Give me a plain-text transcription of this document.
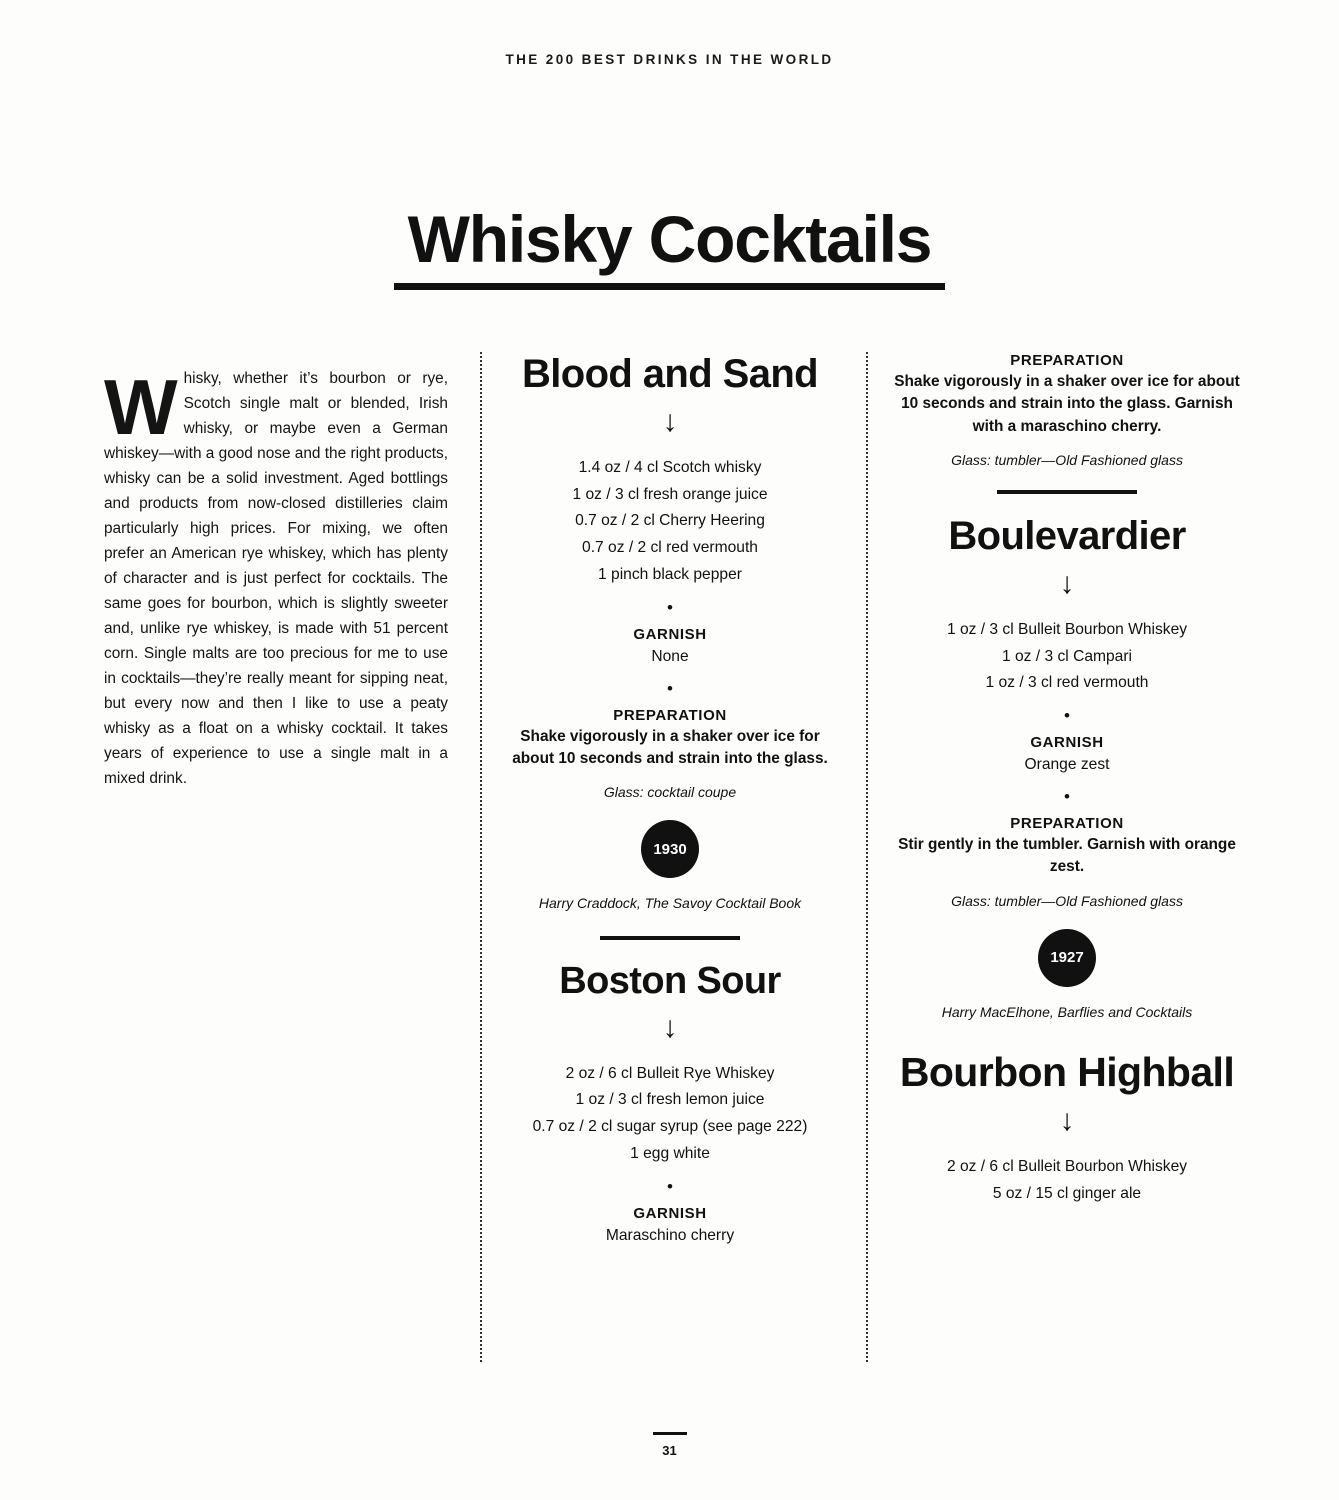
THE 200 BEST DRINKS IN THE WORLD
Whisky Cocktails

Whisky, whether it’s bourbon or rye, Scotch single malt or blended, Irish whisky, or maybe even a German whiskey—with a good nose and the right products, whisky can be a solid investment. Aged bottlings and products from now-closed distilleries claim particularly high prices. For mixing, we often prefer an American rye whiskey, which has plenty of character and is just perfect for cocktails. The same goes for bourbon, which is slightly sweeter and, unlike rye whiskey, is made with 51 percent corn. Single malts are too precious for me to use in cocktails—they’re really meant for sipping neat, but every now and then I like to use a peaty whisky as a float on a whisky cocktail. It takes years of experience to use a single malt in a mixed drink.

Blood and Sand
↓
1.4 oz / 4 cl Scotch whisky
1 oz / 3 cl fresh orange juice
0.7 oz / 2 cl Cherry Heering
0.7 oz / 2 cl red vermouth
1 pinch black pepper
•
GARNISH
None
•
PREPARATION

Shake vigorously in a shaker over ice for about 10 seconds and strain into the glass.

Glass: cocktail coupe
1930
Harry Craddock, The Savoy Cocktail Book
Boston Sour
↓
2 oz / 6 cl Bulleit Rye Whiskey
1 oz / 3 cl fresh lemon juice
0.7 oz / 2 cl sugar syrup (see page 222)
1 egg white
•
GARNISH
Maraschino cherry
PREPARATION

Shake vigorously in a shaker over ice for about 10 seconds and strain into the glass. Garnish with a maraschino cherry.

Glass: tumbler—Old Fashioned glass
Boulevardier
↓
1 oz / 3 cl Bulleit Bourbon Whiskey
1 oz / 3 cl Campari
1 oz / 3 cl red vermouth
•
GARNISH
Orange zest
•
PREPARATION

Stir gently in the tumbler. Garnish with orange zest.

Glass: tumbler—Old Fashioned glass
1927
Harry MacElhone, Barflies and Cocktails
Bourbon Highball
↓
2 oz / 6 cl Bulleit Bourbon Whiskey
5 oz / 15 cl ginger ale
31
